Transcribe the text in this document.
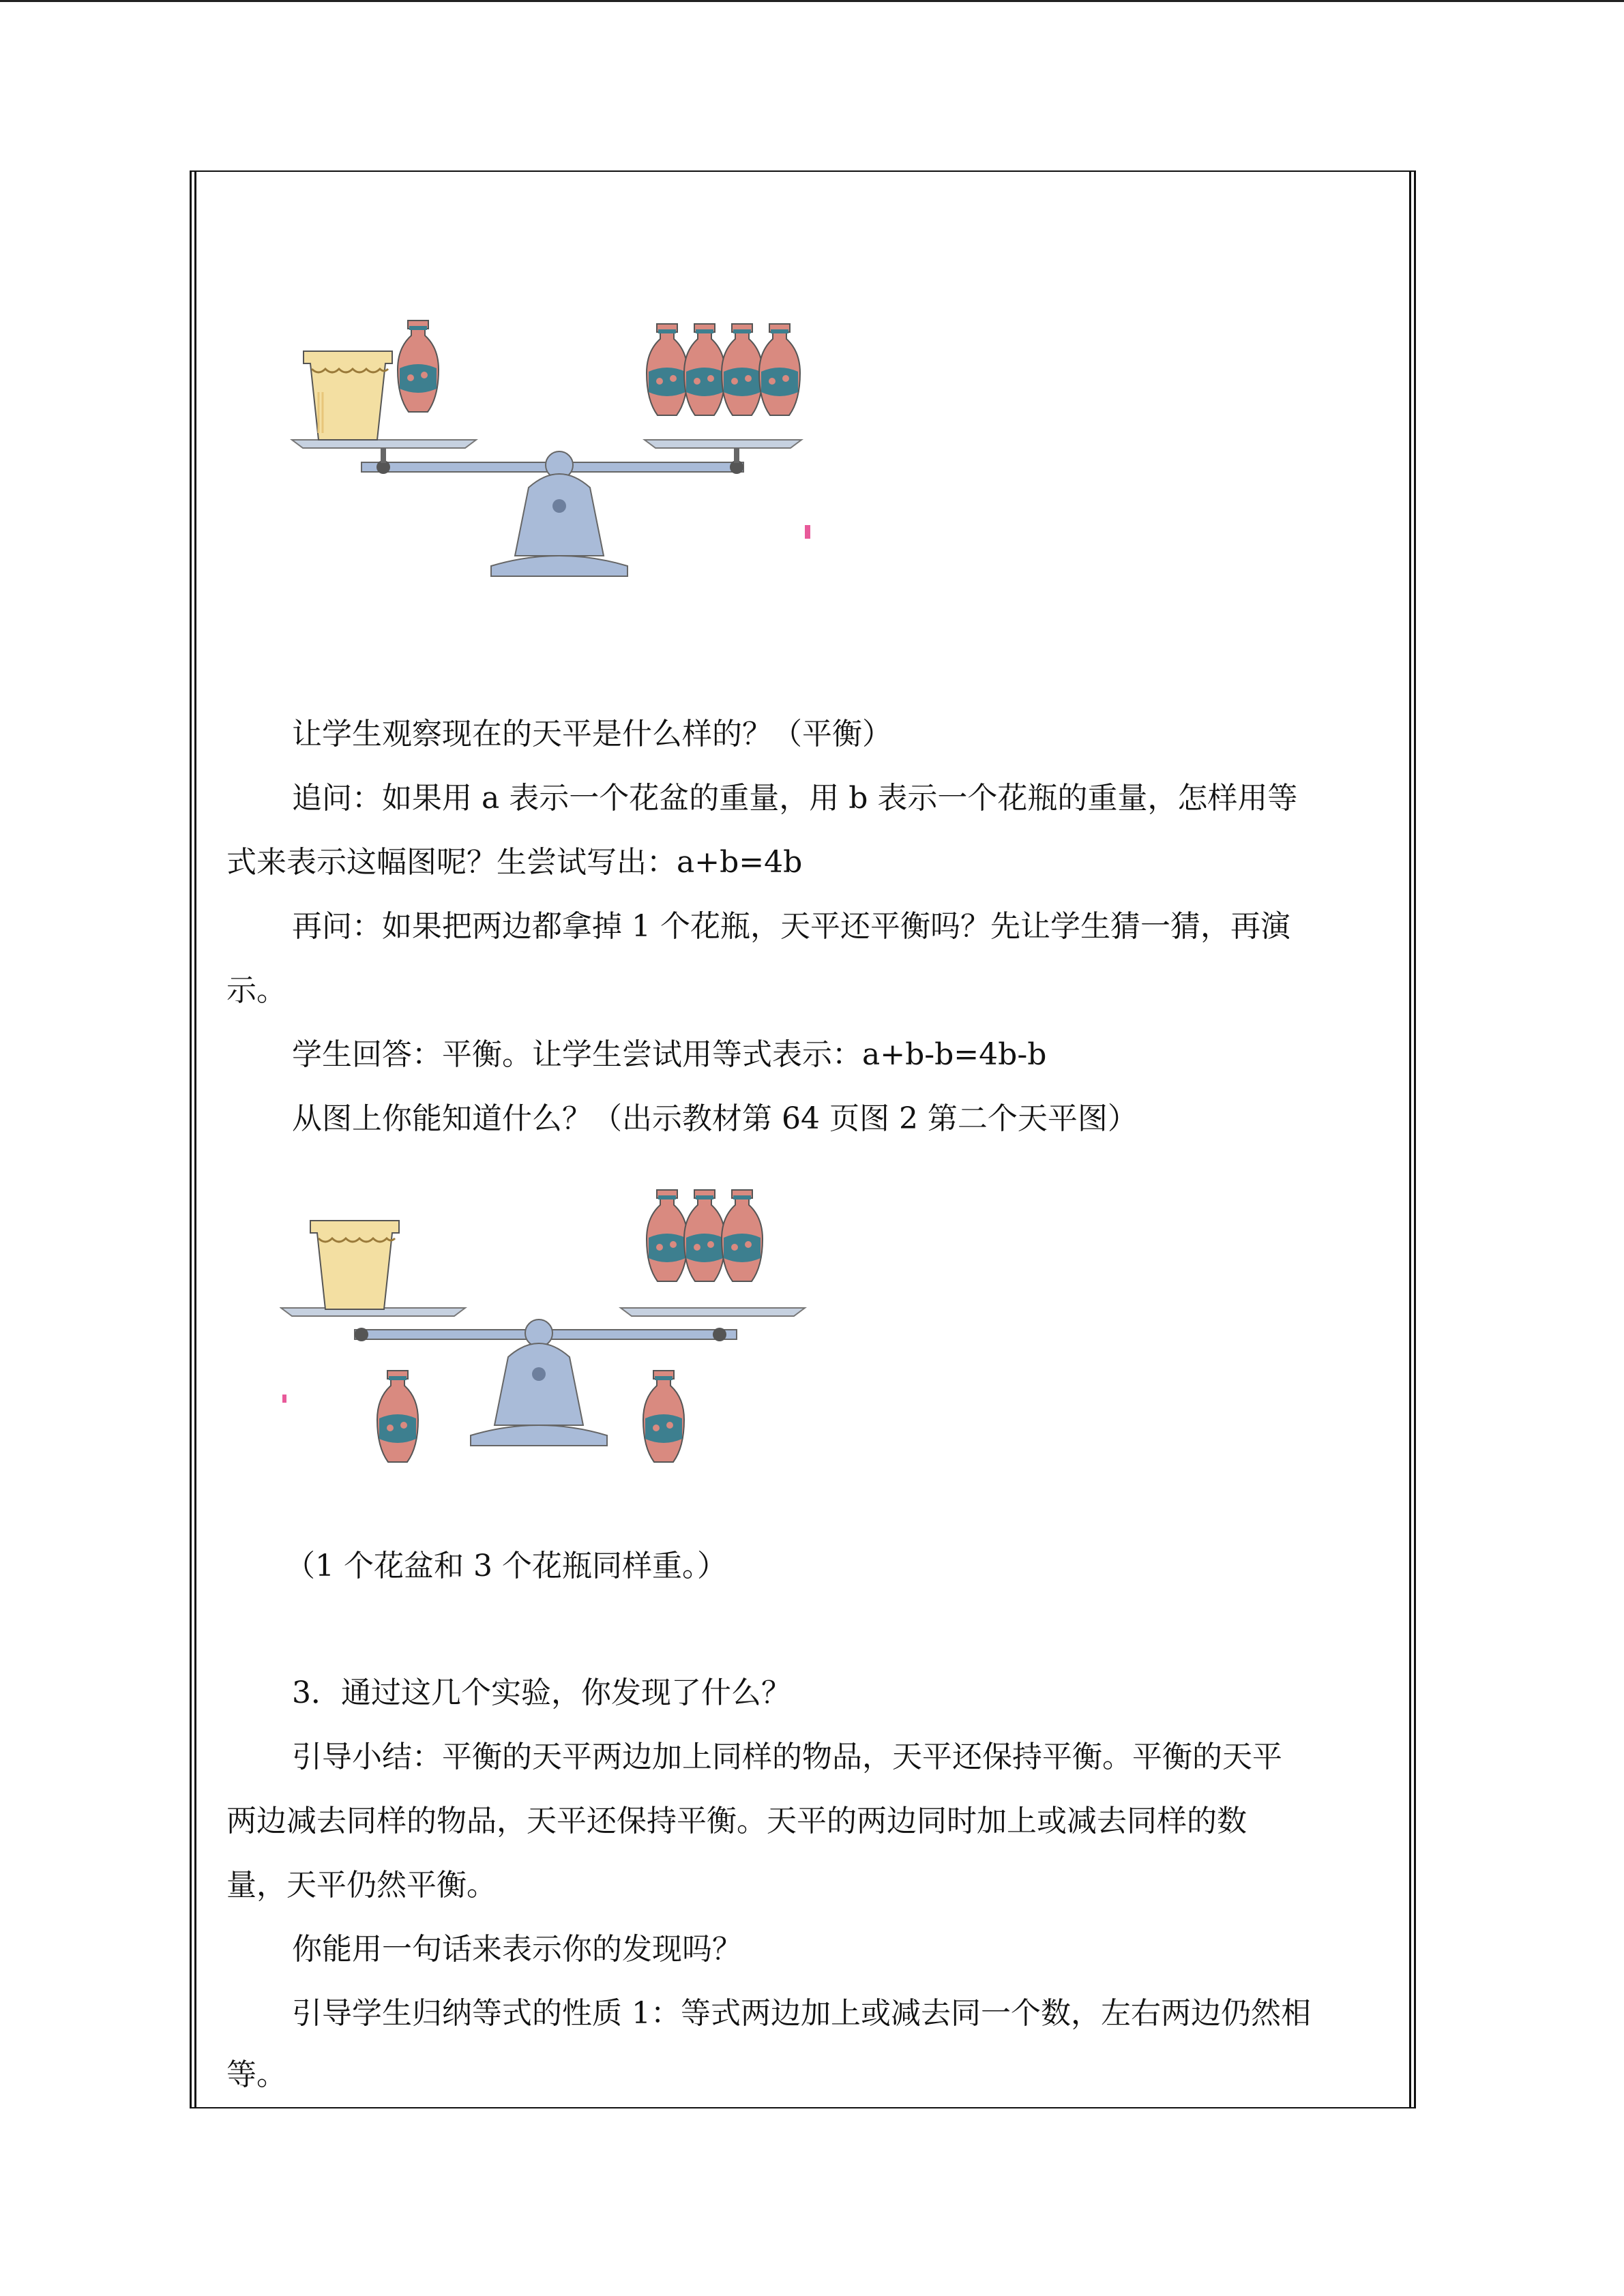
让学生观察现在的天平是什么样的？（平衡）
追问：如果用 a 表示一个花盆的重量，用 b 表示一个花瓶的重量，怎样用等
式来表示这幅图呢？生尝试写出：a+b=4b
再问：如果把两边都拿掉 1 个花瓶，天平还平衡吗？先让学生猜一猜，再演
示。
学生回答：平衡。让学生尝试用等式表示：a+b-b=4b-b
从图上你能知道什么？（出示教材第 64 页图 2 第二个天平图）
（1 个花盆和 3 个花瓶同样重。）
3．通过这几个实验，你发现了什么？
引导小结：平衡的天平两边加上同样的物品，天平还保持平衡。平衡的天平
两边减去同样的物品，天平还保持平衡。天平的两边同时加上或减去同样的数
量，天平仍然平衡。
你能用一句话来表示你的发现吗？
引导学生归纳等式的性质 1：等式两边加上或减去同一个数，左右两边仍然相
等。
